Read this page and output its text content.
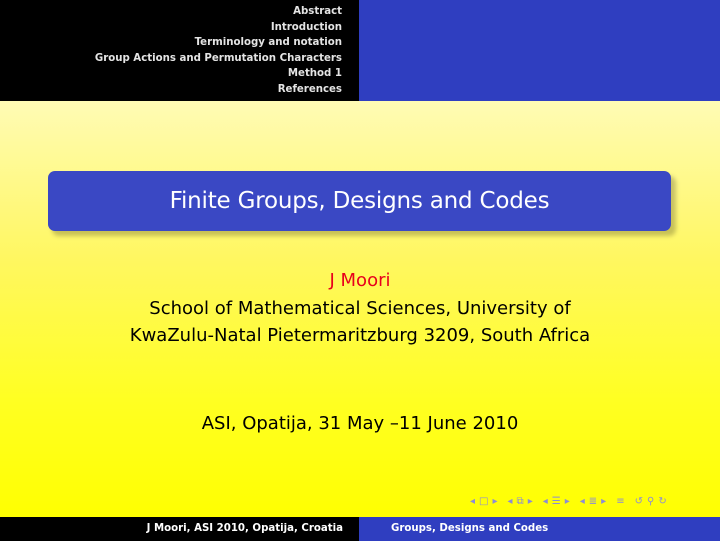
Abstract
Introduction
Terminology and notation
Group Actions and Permutation Characters
Method 1
References
Finite Groups, Designs and Codes
J Moori
School of Mathematical Sciences, University of
KwaZulu-Natal Pietermaritzburg 3209, South Africa
ASI, Opatija, 31 May –11 June 2010
◂ □ ▸ ◂ ⧉ ▸ ◂ ☰ ▸ ◂ ≣ ▸ ≡ ↺ ⚲ ↻
J Moori, ASI 2010, Opatija, Croatia	Groups, Designs and Codes
